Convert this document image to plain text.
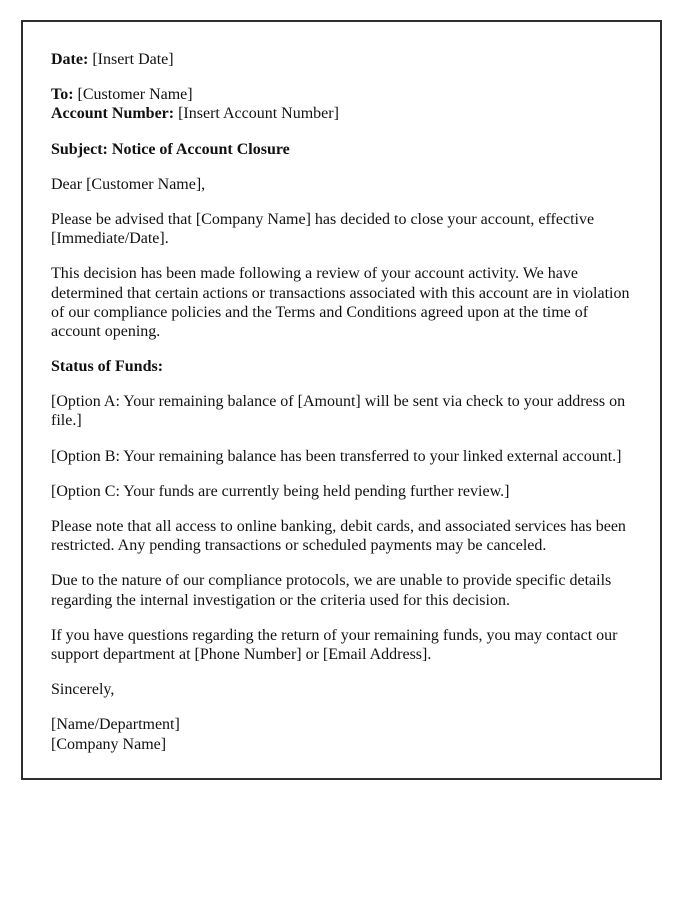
Date: [Insert Date]

To: [Customer Name]
Account Number: [Insert Account Number]

Subject: Notice of Account Closure

Dear [Customer Name],

Please be advised that [Company Name] has decided to close your account, effective [Immediate/Date].

This decision has been made following a review of your account activity. We have determined that certain actions or transactions associated with this account are in violation of our compliance policies and the Terms and Conditions agreed upon at the time of account opening.

Status of Funds:

[Option A: Your remaining balance of [Amount] will be sent via check to your address on file.]

[Option B: Your remaining balance has been transferred to your linked external account.]

[Option C: Your funds are currently being held pending further review.]

Please note that all access to online banking, debit cards, and associated services has been restricted. Any pending transactions or scheduled payments may be canceled.

Due to the nature of our compliance protocols, we are unable to provide specific details regarding the internal investigation or the criteria used for this decision.

If you have questions regarding the return of your remaining funds, you may contact our support department at [Phone Number] or [Email Address].

Sincerely,

[Name/Department]
[Company Name]
